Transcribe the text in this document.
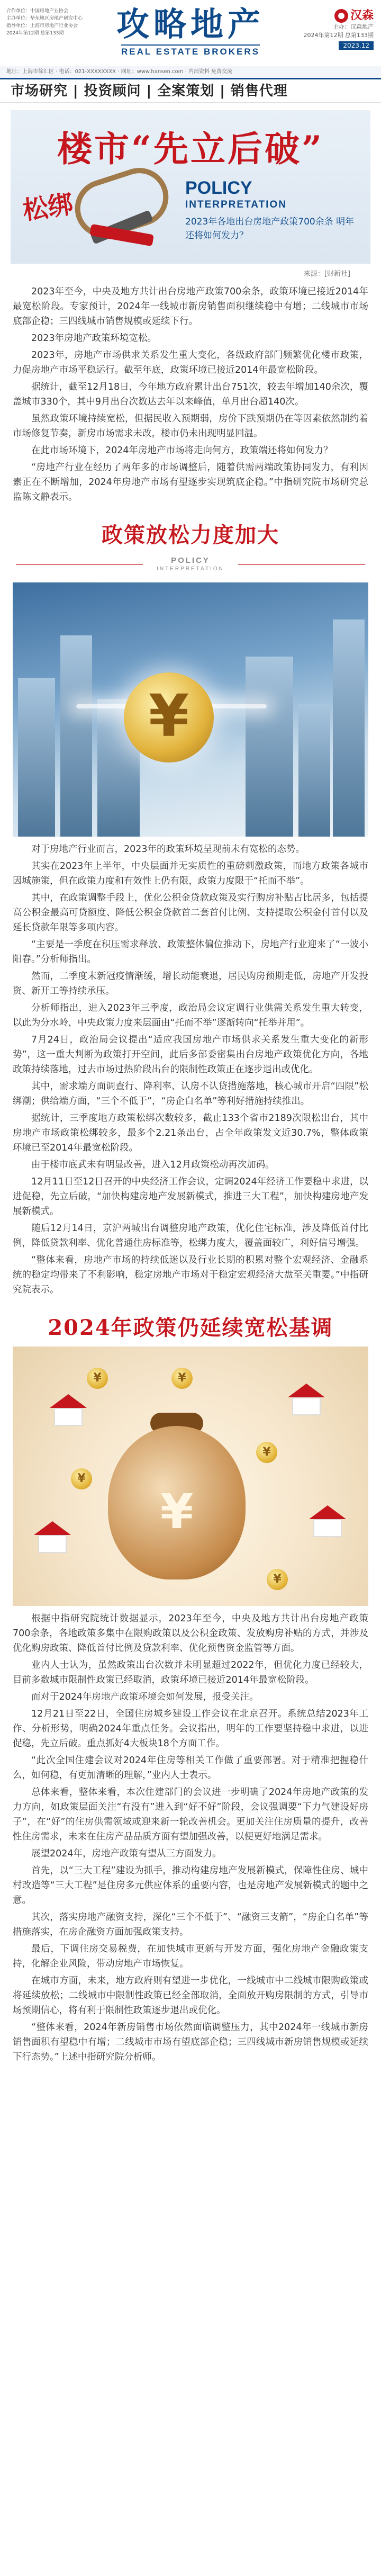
合作单位：中国房地产业协会
主办单位：华东地区房地产研究中心
指导单位：上海市房地产行业协会
2024年第12期 总第133期	攻略地产
REAL ESTATE BROKERS
汉森
主办：汉森地产
2024年第12期 总第133期
2023.12
地址：上海市徐汇区 · 电话：021-XXXXXXXX · 网址：www.hansen.com · 内部资料 免费交流
市场研究 | 投资顾问 | 全案策划 | 销售代理
楼市“先立后破”
松绑
POLICY
INTERPRETATION
2023年各地出台房地产政策700余条 明年还将如何发力？
来源：[财新社]

2023年至今，中央及地方共计出台房地产政策700余条，政策环境已接近2014年最宽松阶段。专家预计，2024年一线城市新房销售面积继续稳中有增；二线城市市场底部企稳；三四线城市销售规模或延续下行。

2023年房地产政策环境宽松。

2023年，房地产市场供求关系发生重大变化，各级政府部门频繁优化楼市政策，力促房地产市场平稳运行。截至年底，政策环境已接近2014年最宽松阶段。

据统计，截至12月18日，今年地方政府累计出台751次，较去年增加140余次，覆盖城市330个，其中9月出台次数达去年以来峰值，单月出台超140次。

虽然政策环境持续宽松，但据民收入预期弱，房价下跌预期仍在等因素依然制约着市场修复节奏，新房市场需求未改，楼市仍未出现明显回温。

在此市场环境下，2024年房地产市场将走向何方，政策端还将如何发力？

“房地产行业在经历了两年多的市场调整后，随着供需两端政策协同发力，有利因素正在不断增加，2024年房地产市场有望逐步实现筑底企稳。”中指研究院市场研究总监陈文静表示。

政策放松力度加大
POLICY
INTERPRETATION
¥

对于房地产行业而言，2023年的政策环境呈现前未有宽松的态势。

其实在2023年上半年，中央层面并无实质性的重磅刺激政策，而地方政策各城市因城施策，但在政策力度和有效性上仍有限，政策力度限于“托而不举”。

其中，在政策调整手段上，优化公积金贷款政策及实行购房补贴占比居多，包括提高公积金最高可贷额度、降低公积金贷款首二套首付比例、支持提取公积金付首付以及延长贷款年限等多项内容。

“主要是一季度在积压需求释放、政策整体偏位推动下，房地产行业迎来了“一波小阳春。”分析师指出。

然而，二季度末新冠疫情渐缓，增长动能衰退，居民购房预期走低，房地产开发投资、新开工等持续承压。

分析师指出，进入2023年三季度，政治局会议定调行业供需关系发生重大转变，以此为分水岭，中央政策力度来层面由“托而不举”逐渐转向“托举并用”。

7月24日，政治局会议提出“适应我国房地产市场供求关系发生重大变化的新形势”，这一重大判断为政策打开空间，此后多部委密集出台房地产政策优化方向，各地政策持续落地，过去市场过热阶段出台的限制性政策正在逐步退出或优化。

其中，需求端方面调查行、降利率、认房不认贷措施落地，核心城市开启“四限”松绑潮；供给端方面，“三个不低于”，“房企白名单”等利好措施持续推出。

据统计，三季度地方政策松绑次数较多，截止133个省市2189次限松出台，其中房地产市场政策松绑较多，最多个2.21条出台，占全年政策发文近30.7%，整体政策环境已至2014年最宽松阶段。

由于楼市底武未有明显改善，进入12月政策松动再次加码。

12月11日至12日召开的中央经济工作会议，定调2024年经济工作要稳中求进，以进促稳，先立后破，“加快构建房地产发展新模式，推进三大工程”，加快构建房地产发展新模式。

随后12月14日，京沪两城出台调整房地产政策，优化住宅标准，涉及降低首付比例，降低贷款利率、优化普通住房标准等，松绑力度大，覆盖面较广，利好信号增强。

“整体来看，房地产市场的持续低迷以及行业长期的积累对整个宏观经济、金融系统的稳定均带来了不利影响，稳定房地产市场对于稳定宏观经济大盘至关重要。”中指研究院表示。

2024年政策仍延续宽松基调
¥
¥
¥
¥
¥
¥

根据中指研究院统计数据显示，2023年至今，中央及地方共计出台房地产政策700余条，各地政策多集中在限购政策以及公积金政策、发放购房补贴的方式，并涉及优化购房政策、降低首付比例及贷款利率、优化预售资金监管等方面。

业内人士认为，虽然政策出台次数并未明显超过2022年，但优化力度已经较大，目前多数城市限制性政策已经取消，政策环境已接近2014年最宽松阶段。

而对于2024年房地产政策环境会如何发展，报受关注。

12月21日至22日，全国住房城乡建设工作会议在北京召开。系统总结2023年工作、分析形势，明确2024年重点任务。会议指出，明年的工作要坚持稳中求进，以进促稳，先立后破。重点抓好4大板块18个方面工作。

“此次全国住建会议对2024年住房等相关工作做了重要部署。对于精准把握稳什么，如何稳，有更加清晰的理解，”业内人士表示。

总体来看，整体来看，本次住建部门的会议进一步明确了2024年房地产政策的发力方向，如政策层面关注“有没有”进入到“好不好”阶段，会议强调要“下力气建设好房子”，在“好”的住房供需领域或迎来新一轮改善机会。更加关注住房质量的提升，改善性住房需求，未来在住房产品品质方面有望加强改善，以便更好地满足需求。

展望2024年，房地产政策有望从三方面发力。

首先，以“三大工程”建设为抓手，推动构建房地产发展新模式，保障性住房、城中村改造等“三大工程”是住房多元供应体系的重要内容，也是房地产发展新模式的题中之意。

其次，落实房地产融资支持，深化“三个不低于”、“融资三支箭”，“房企白名单”等措施落实，在房企融资方面加强政策支持。

最后，下调住房交易税费，在加快城市更新与开发方面，强化房地产金融政策支持，化解企业风险，带动房地产市场恢复。

在城市方面，未来，地方政府则有望进一步优化，一线城市中二线城市限购政策或将延续放松；二线城市中限制性政策已经全部取消，全面放开购房限制的方式，引导市场预期信心，将有利于限制性政策逐步退出或优化。

“整体来看，2024年新房销售市场依然面临调整压力，其中2024年一线城市新房销售面积有望稳中有增；二线城市市场有望底部企稳；三四线城市新房销售规模或延续下行态势。”上述中指研究院分析师。
